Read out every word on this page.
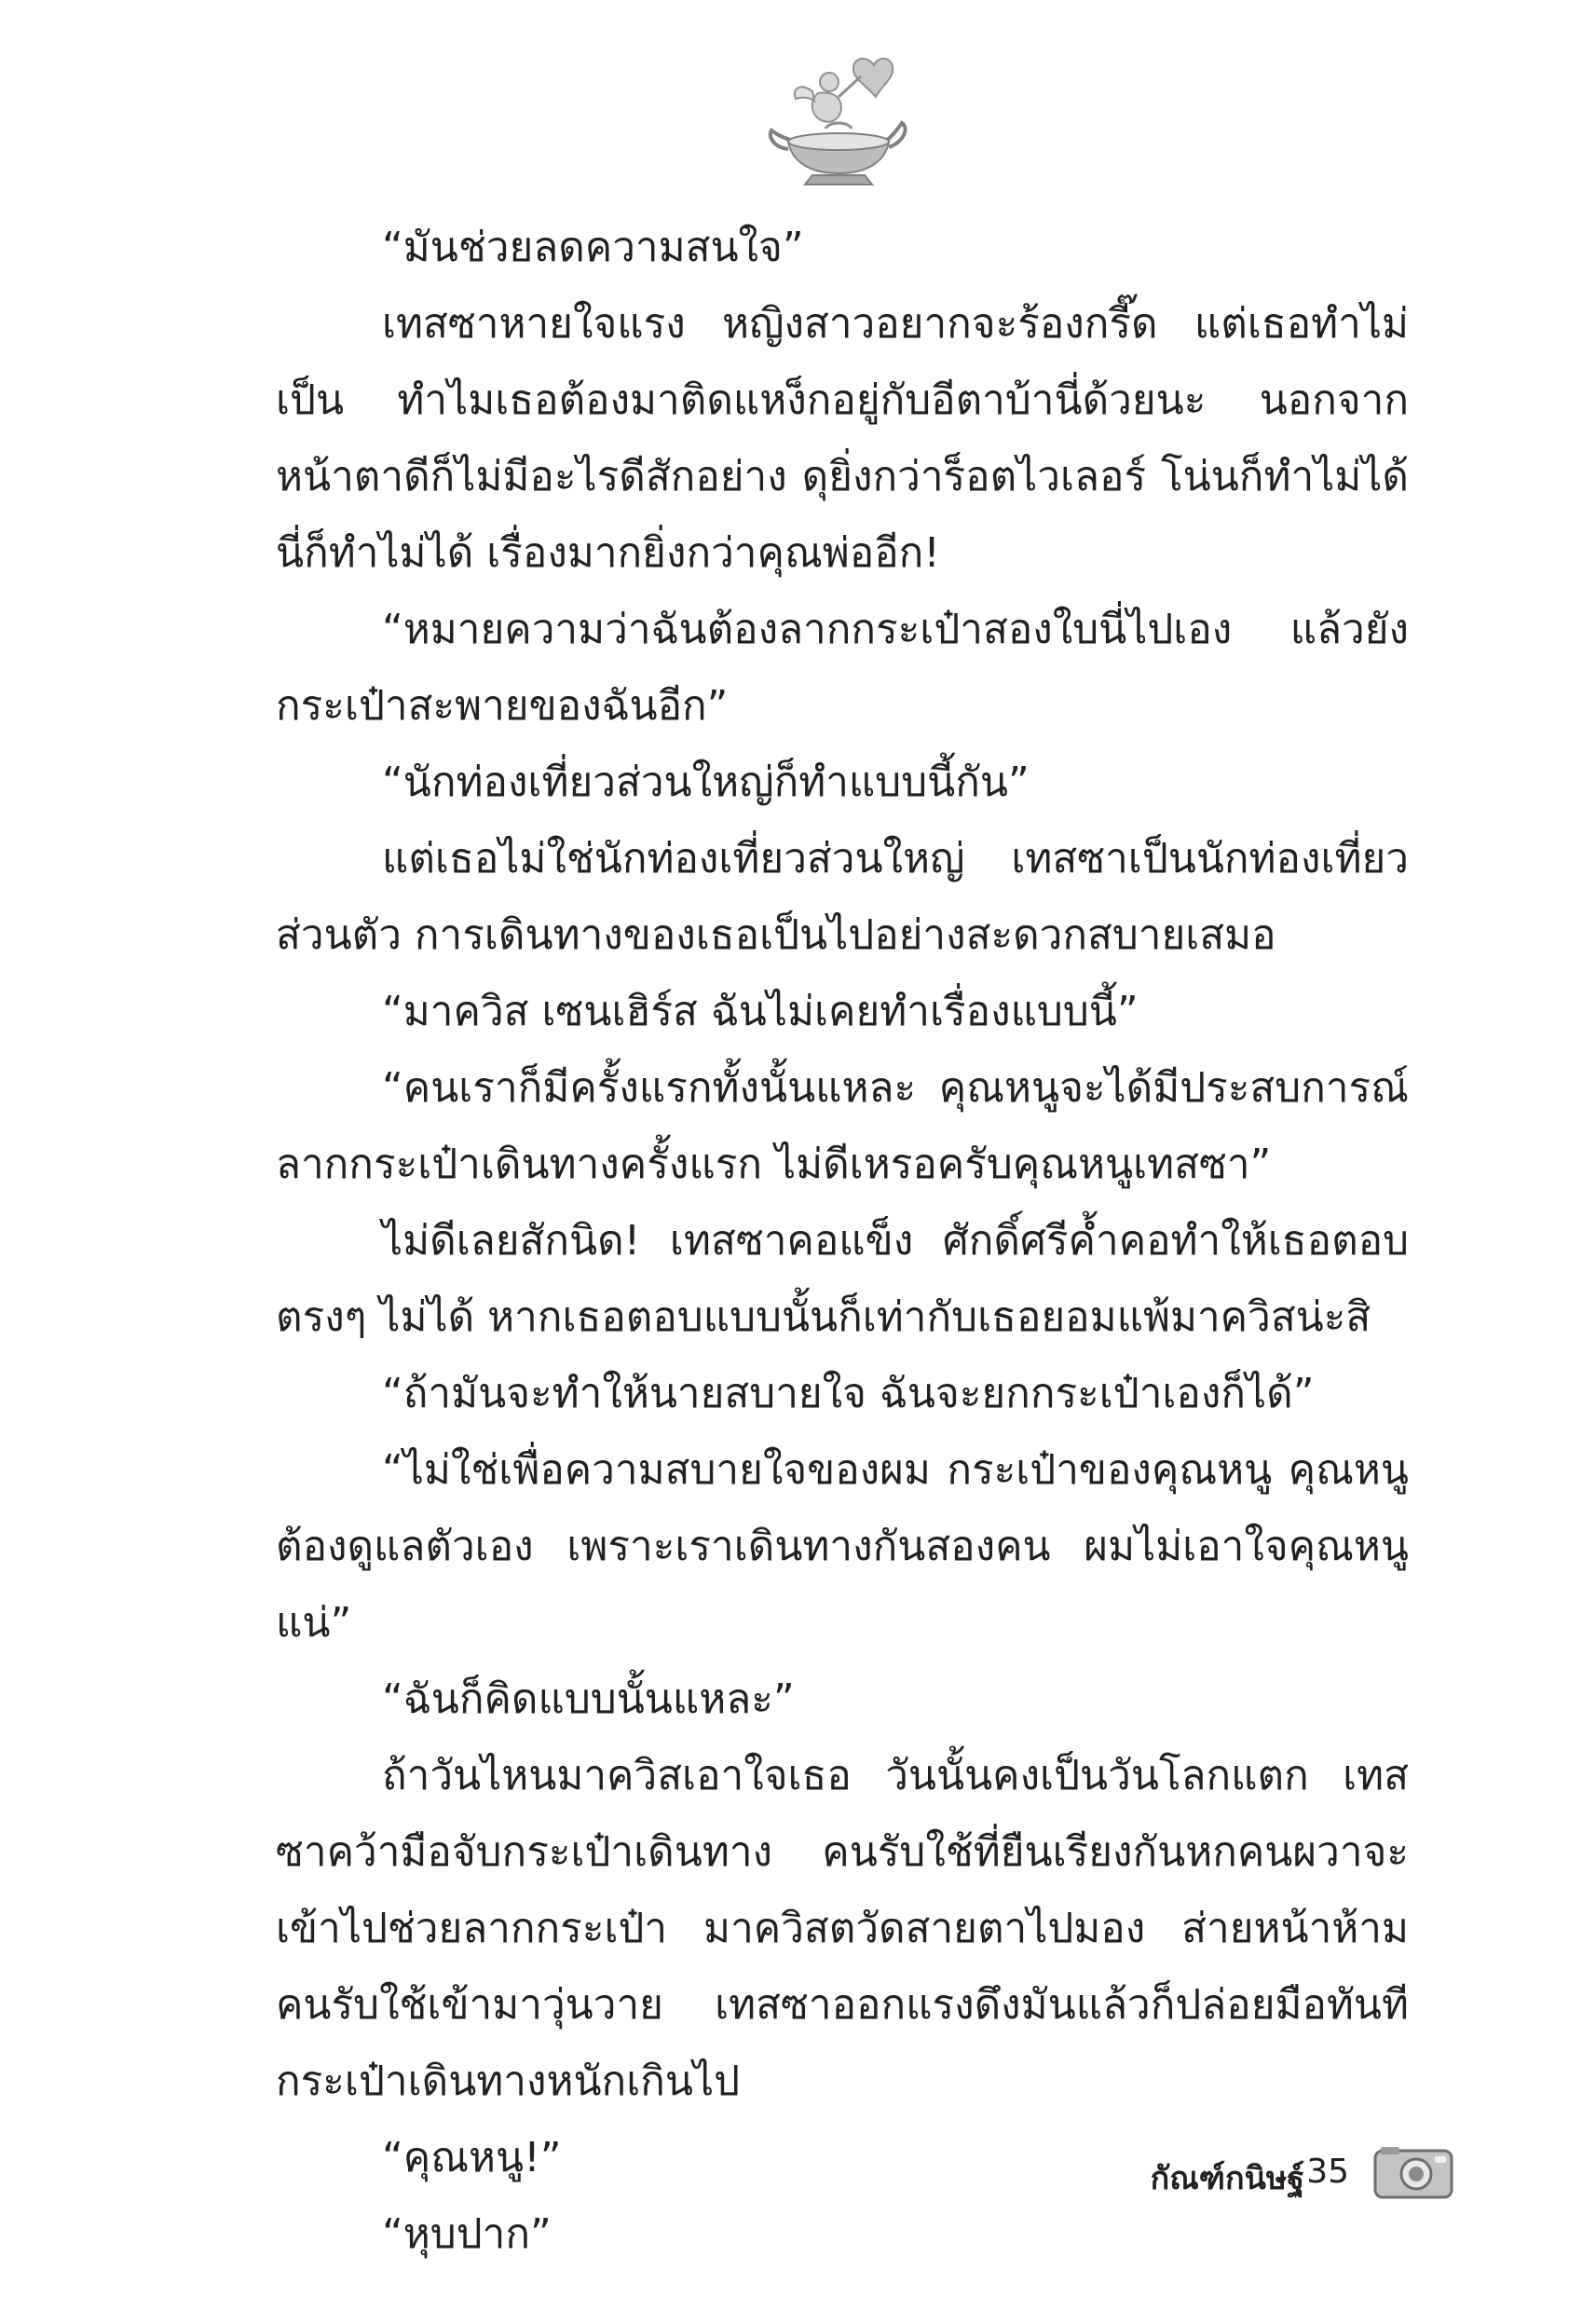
“มันช่วยลดความสนใจ”

เทสซาหายใจแรง หญิงสาวอยากจะร้องกรี๊ด แต่เธอทำไม่เป็น ทำไมเธอต้องมาติดแหง็กอยู่กับอีตาบ้านี่ด้วยนะ นอกจากหน้าตาดีก็ไม่มีอะไรดีสักอย่าง ดุยิ่งกว่าร็อตไวเลอร์ โน่นก็ทำไม่ได้ นี่ก็ทำไม่ได้ เรื่องมากยิ่งกว่าคุณพ่ออีก!

“หมายความว่าฉันต้องลากกระเป๋าสองใบนี่ไปเอง แล้วยังกระเป๋าสะพายของฉันอีก”

“นักท่องเที่ยวส่วนใหญ่ก็ทำแบบนี้กัน”

แต่เธอไม่ใช่นักท่องเที่ยวส่วนใหญ่ เทสซาเป็นนักท่องเที่ยวส่วนตัว การเดินทางของเธอเป็นไปอย่างสะดวกสบายเสมอ

“มาควิส เซนเฮิร์ส ฉันไม่เคยทำเรื่องแบบนี้”

“คนเราก็มีครั้งแรกทั้งนั้นแหละ คุณหนูจะได้มีประสบการณ์ลากกระเป๋าเดินทางครั้งแรก ไม่ดีเหรอครับคุณหนูเทสซา”

ไม่ดีเลยสักนิด! เทสซาคอแข็ง ศักดิ์ศรีค้ำคอทำให้เธอตอบตรงๆ ไม่ได้ หากเธอตอบแบบนั้นก็เท่ากับเธอยอมแพ้มาควิสน่ะสิ

“ถ้ามันจะทำให้นายสบายใจ ฉันจะยกกระเป๋าเองก็ได้”

“ไม่ใช่เพื่อความสบายใจของผม กระเป๋าของคุณหนู คุณหนูต้องดูแลตัวเอง เพราะเราเดินทางกันสองคน ผมไม่เอาใจคุณหนูแน่”

“ฉันก็คิดแบบนั้นแหละ”

ถ้าวันไหนมาควิสเอาใจเธอ วันนั้นคงเป็นวันโลกแตก เทสซาคว้ามือจับกระเป๋าเดินทาง คนรับใช้ที่ยืนเรียงกันหกคนผวาจะเข้าไปช่วยลากกระเป๋า มาควิสตวัดสายตาไปมอง ส่ายหน้าห้ามคนรับใช้เข้ามาวุ่นวาย เทสซาออกแรงดึงมันแล้วก็ปล่อยมือทันที กระเป๋าเดินทางหนักเกินไป

“คุณหนู!”

“หุบปาก”

กัณฑ์กนิษฐ์ 35
